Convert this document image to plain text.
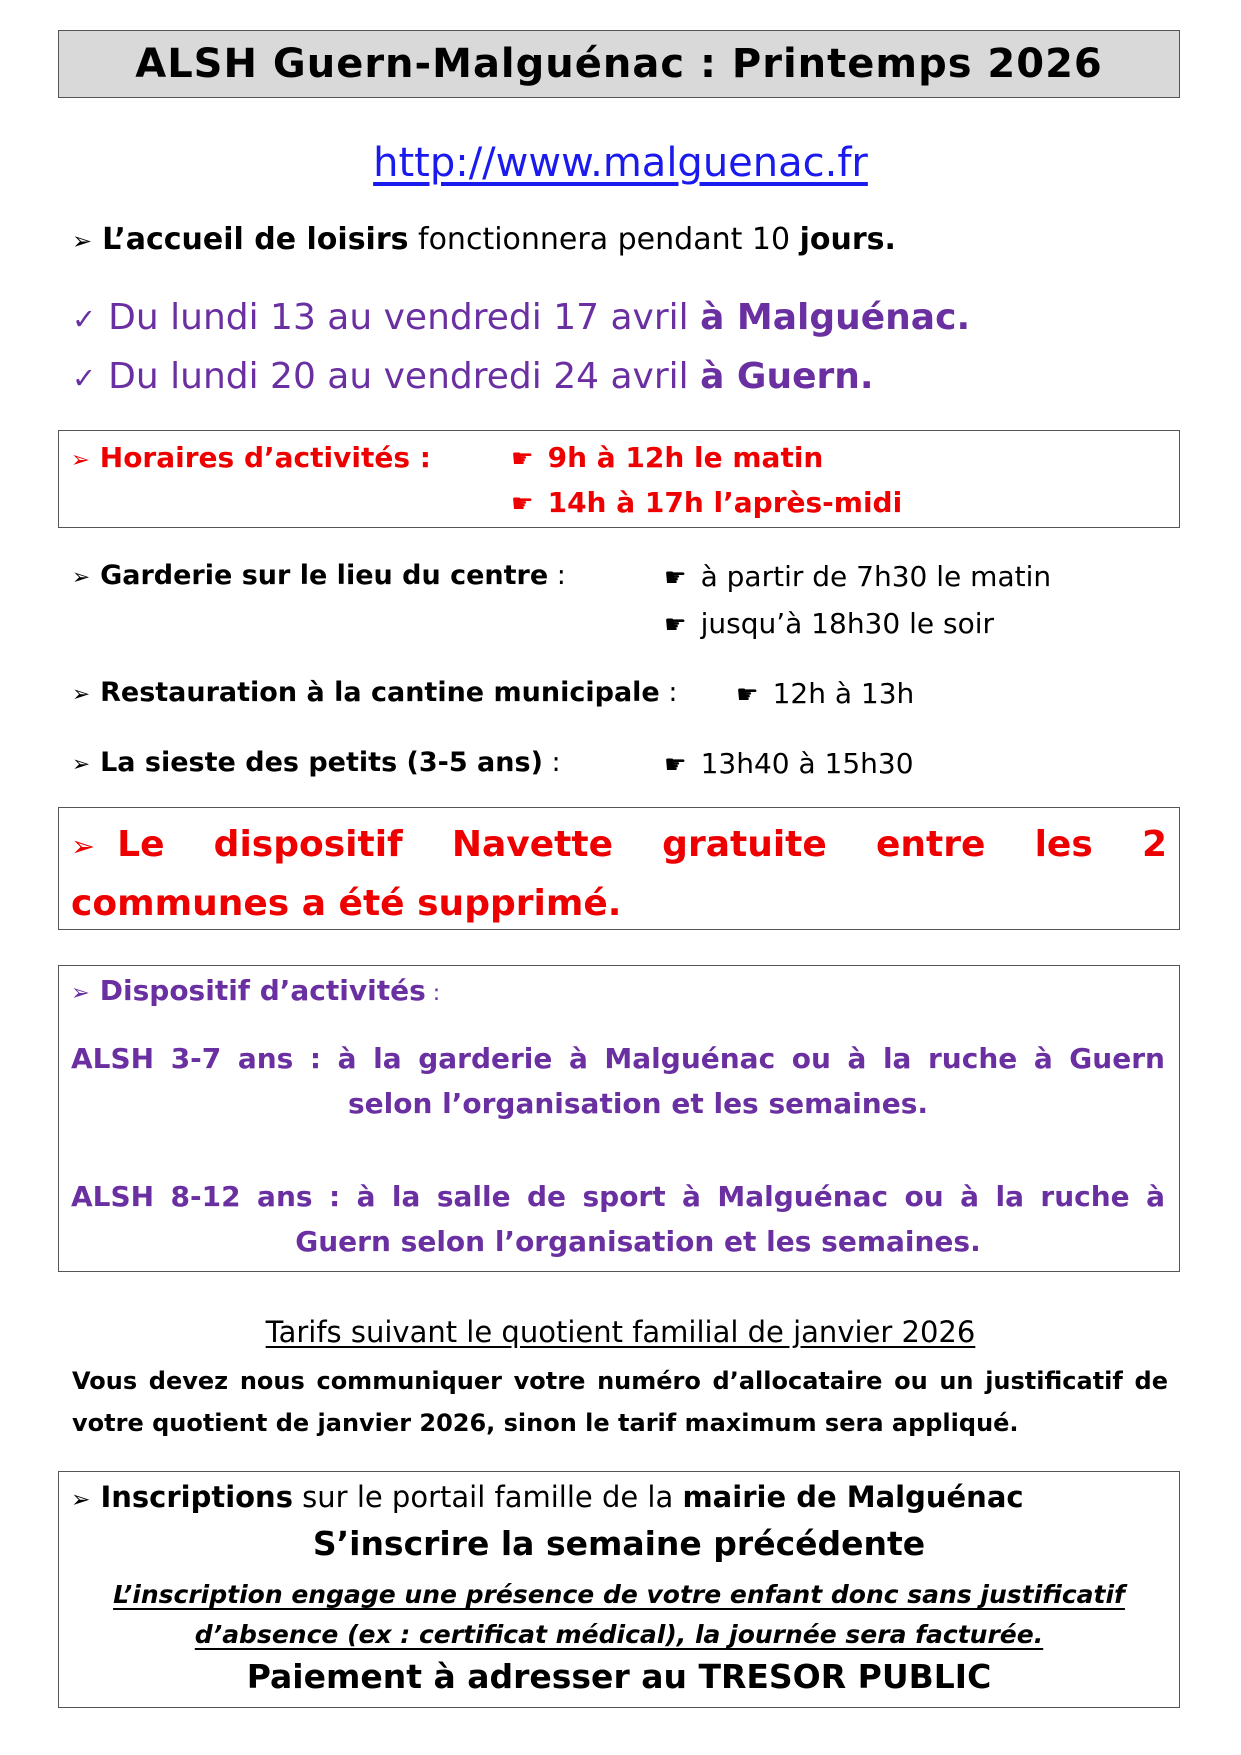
ALSH Guern-Malguénac : Printemps 2026
http://www.malguenac.fr
➢ L’accueil de loisirs fonctionnera pendant 10 jours.
✓ Du lundi 13 au vendredi 17 avril à Malguénac.
✓ Du lundi 20 au vendredi 24 avril à Guern.
➢ Horaires d’activités :	☛ 9h à 12h le matin
☛ 14h à 17h l’après-midi
➢ Garderie sur le lieu du centre :	☛ à partir de 7h30 le matin
☛ jusqu’à 18h30 le soir
➢ Restauration à la cantine municipale : ☛ 12h à 13h
➢ La sieste des petits (3-5 ans) :	☛ 13h40 à 15h30
➢ Le dispositif Navette gratuite entre les 2 communes a été supprimé.
➢ Dispositif d’activités :
ALSH 3-7 ans : à la garderie à Malguénac ou à la ruche à Guern
selon l’organisation et les semaines.
ALSH 8-12 ans : à la salle de sport à Malguénac ou à la ruche à
Guern selon l’organisation et les semaines.
Tarifs suivant le quotient familial de janvier 2026
Vous devez nous communiquer votre numéro d’allocataire ou un justificatif de votre quotient de janvier 2026, sinon le tarif maximum sera appliqué.
➢ Inscriptions sur le portail famille de la mairie de Malguénac
S’inscrire la semaine précédente
L’inscription engage une présence de votre enfant donc sans justificatif
d’absence (ex : certificat médical), la journée sera facturée.
Paiement à adresser au TRESOR PUBLIC
